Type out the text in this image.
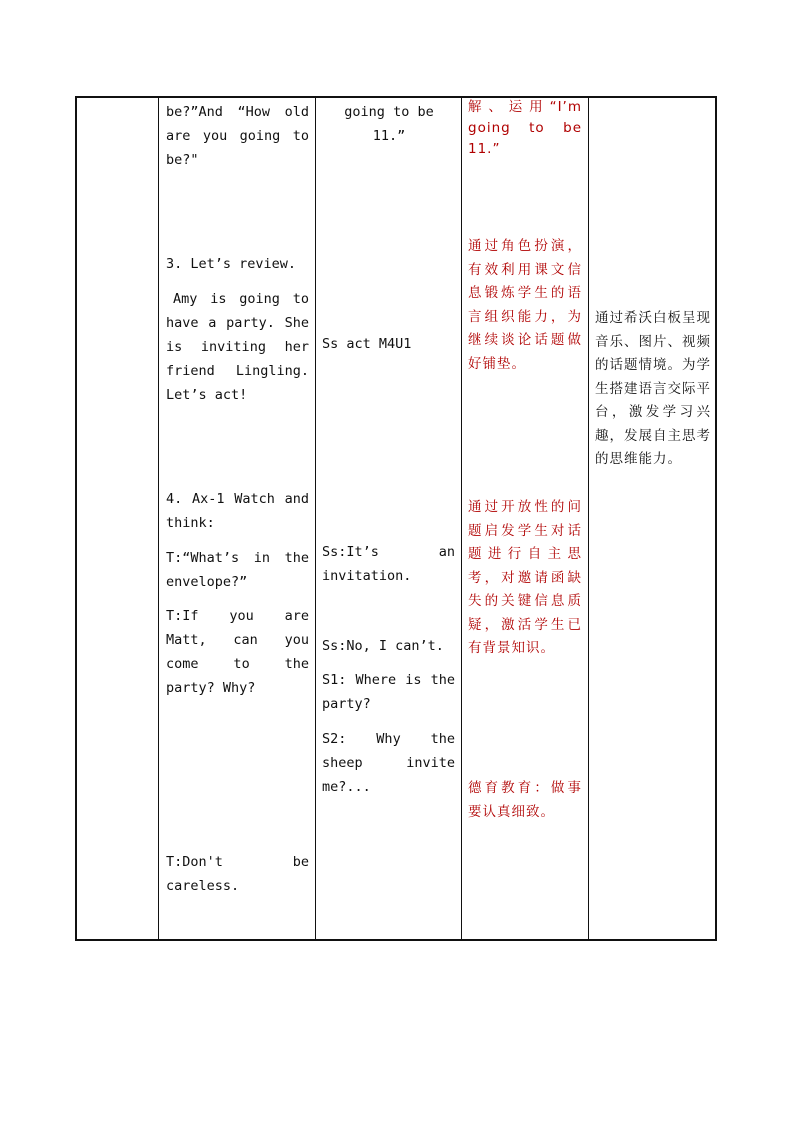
be?”And “How old are you going to be?"

3. Let’s review.

Amy is going to have a party. She is inviting her friend Lingling. Let’s act!

4. Ax-1 Watch and think:

T:“What’s in the envelope?”

T:If you are Matt, can you come to the party? Why?

T:Don't be careless.

going to be 11.”

Ss act M4U1

Ss:It’s an invitation.

Ss:No, I can’t.

S1: Where is the party?

S2: Why the sheep invite me?...

解、运用“I’m going to be 11.”

通过角色扮演，有效利用课文信息锻炼学生的语言组织能力，为继续谈论话题做好铺垫。

通过开放性的问题启发学生对话题进行自主思考，对邀请函缺失的关键信息质疑，激活学生已有背景知识。

德育教育：做事要认真细致。

通过希沃白板呈现音乐、图片、视频的话题情境。为学生搭建语言交际平台，激发学习兴趣，发展自主思考的思维能力。
